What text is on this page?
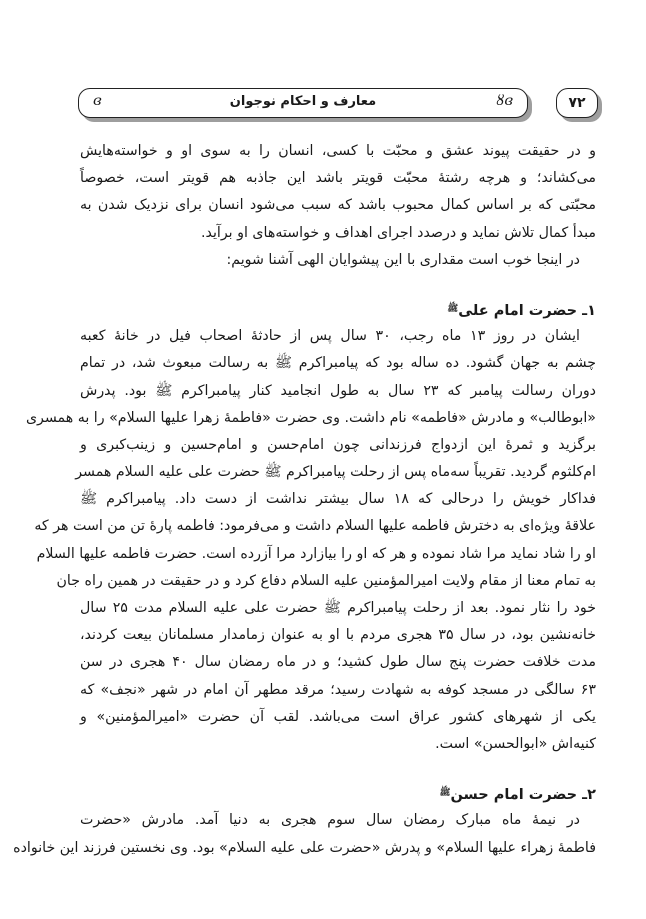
ɞ	معارف و احکام نوجوان	ȣɞ	۷۲
و در حقیقت پیوند عشق و محبّت با کسی، انسان را به سوی او و خواسته‌هایش
می‌کشاند؛ و هرچه رشتهٔ محبّت قویتر باشد این جاذبه هم قویتر است، خصوصاً
محبّتی که بر اساس کمال محبوب باشد که سبب می‌شود انسان برای نزدیک شدن به
مبدأ کمال تلاش نماید و درصدد اجرای اهداف و خواسته‌های او برآید.
در اینجا خوب است مقداری با این پیشوایان الهی آشنا شویم:
۱ـ حضرت امام علی$^ﷺ$
ایشان در روز ۱۳ ماه رجب، ۳۰ سال پس از حادثهٔ اصحاب فیل در خانهٔ کعبه
چشم به جهان گشود. ده ساله بود که پیامبراکرم ﷺ به رسالت مبعوث شد، در تمام
دوران رسالت پیامبر که ۲۳ سال به طول انجامید کنار پیامبراکرم ﷺ بود. پدرش
«ابوطالب» و مادرش «فاطمه» نام داشت. وی حضرت «فاطمهٔ زهرا عليها السلام» را به همسری
برگزید و ثمرهٔ این ازدواج فرزندانی چون امام‌حسن و امام‌حسین و زینب‌کبری و
ام‌کلثوم گردید. تقریباً سه‌ماه پس از رحلت پیامبراکرم ﷺ حضرت علی عليه السلام همسر
فداکار خویش را درحالی که ۱۸ سال بیشتر نداشت از دست داد. پیامبراکرم ﷺ
علاقهٔ ویژه‌ای به دخترش فاطمه عليها السلام داشت و می‌فرمود: فاطمه پارهٔ تن من است هر که
او را شاد نماید مرا شاد نموده و هر که او را بیازارد مرا آزرده است. حضرت فاطمه عليها السلام
به تمام معنا از مقام ولایت امیرالمؤمنین عليه السلام دفاع کرد و در حقیقت در همین راه جان
خود را نثار نمود. بعد از رحلت پیامبراکرم ﷺ حضرت علی عليه السلام مدت ۲۵ سال
خانه‌نشین بود، در سال ۳۵ هجری مردم با او به عنوان زمامدار مسلمانان بیعت کردند،
مدت خلافت حضرت پنج سال طول کشید؛ و در ماه رمضان سال ۴۰ هجری در سن
۶۳ سالگی در مسجد کوفه به شهادت رسید؛ مرقد مطهر آن امام در شهر «نجف» که
یکی از شهرهای کشور عراق است می‌باشد. لقب آن حضرت «امیرالمؤمنین» و
کنیه‌اش «ابوالحسن» است.
۲ـ حضرت امام حسن$^ﷺ$
در نیمهٔ ماه مبارک رمضان سال سوم هجری به دنیا آمد. مادرش «حضرت
فاطمهٔ زهراء عليها السلام» و پدرش «حضرت علی عليه السلام» بود. وی نخستین فرزند این خانواده
